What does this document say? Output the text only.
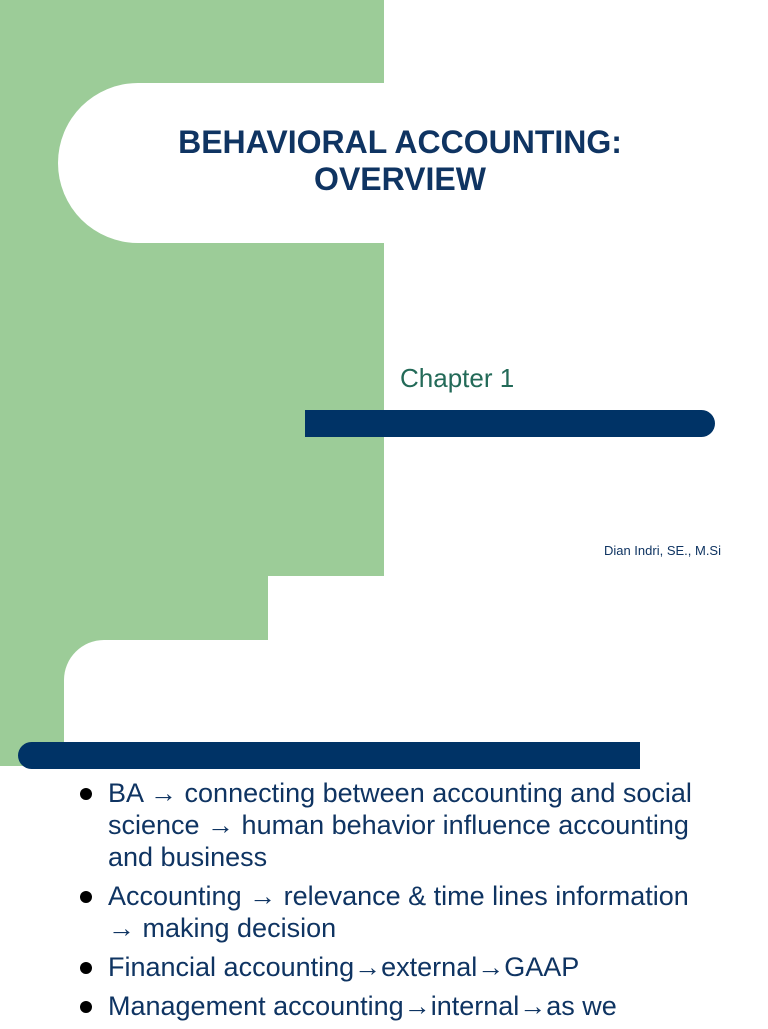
BEHAVIORAL ACCOUNTING:
OVERVIEW
Chapter 1
Dian Indri, SE., M.Si
BA → connecting between accounting and social science → human behavior influence accounting and business
Accounting → relevance & time lines information → making decision
Financial accounting→external→GAAP
Management accounting→internal→as we
